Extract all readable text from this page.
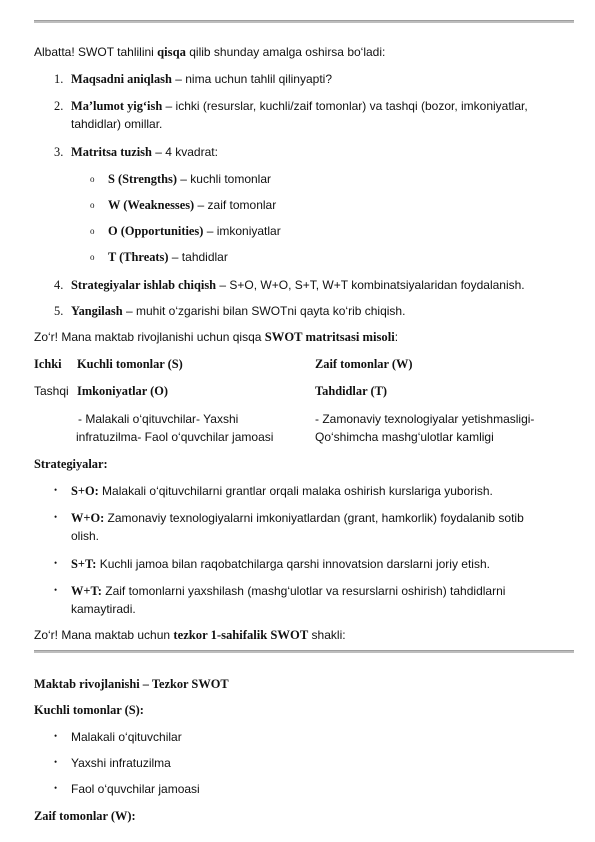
Albatta! SWOT tahlilini qisqa qilib shunday amalga oshirsa bo‘ladi:
1. Maqsadni aniqlash – nima uchun tahlil qilinyapti?
2. Ma’lumot yig‘ish – ichki (resurslar, kuchli/zaif tomonlar) va tashqi (bozor, imkoniyatlar,
tahdidlar) omillar.
3. Matritsa tuzish – 4 kvadrat:
o S (Strengths) – kuchli tomonlar
o W (Weaknesses) – zaif tomonlar
o O (Opportunities) – imkoniyatlar
o T (Threats) – tahdidlar
4. Strategiyalar ishlab chiqish – S+O, W+O, S+T, W+T kombinatsiyalaridan foydalanish.
5. Yangilash – muhit o‘zgarishi bilan SWOTni qayta ko‘rib chiqish.
Zo‘r! Mana maktab rivojlanishi uchun qisqa SWOT matritsasi misoli:
Ichki Kuchli tomonlar (S)	Zaif tomonlar (W)
Tashqi Imkoniyatlar (O)	Tahdidlar (T)
- Malakali o‘qituvchilar- Yaxshi
infratuzilma- Faol o‘quvchilar jamoasi
- Zamonaviy texnologiyalar yetishmasligi-
Qo‘shimcha mashg‘ulotlar kamligi
Strategiyalar:
• S+O: Malakali o‘qituvchilarni grantlar orqali malaka oshirish kurslariga yuborish.
• W+O: Zamonaviy texnologiyalarni imkoniyatlardan (grant, hamkorlik) foydalanib sotib
olish.
• S+T: Kuchli jamoa bilan raqobatchilarga qarshi innovatsion darslarni joriy etish.
• W+T: Zaif tomonlarni yaxshilash (mashg‘ulotlar va resurslarni oshirish) tahdidlarni
kamaytiradi.
Zo‘r! Mana maktab uchun tezkor 1-sahifalik SWOT shakli:
Maktab rivojlanishi – Tezkor SWOT
Kuchli tomonlar (S):
• Malakali o‘qituvchilar
• Yaxshi infratuzilma
• Faol o‘quvchilar jamoasi
Zaif tomonlar (W):
